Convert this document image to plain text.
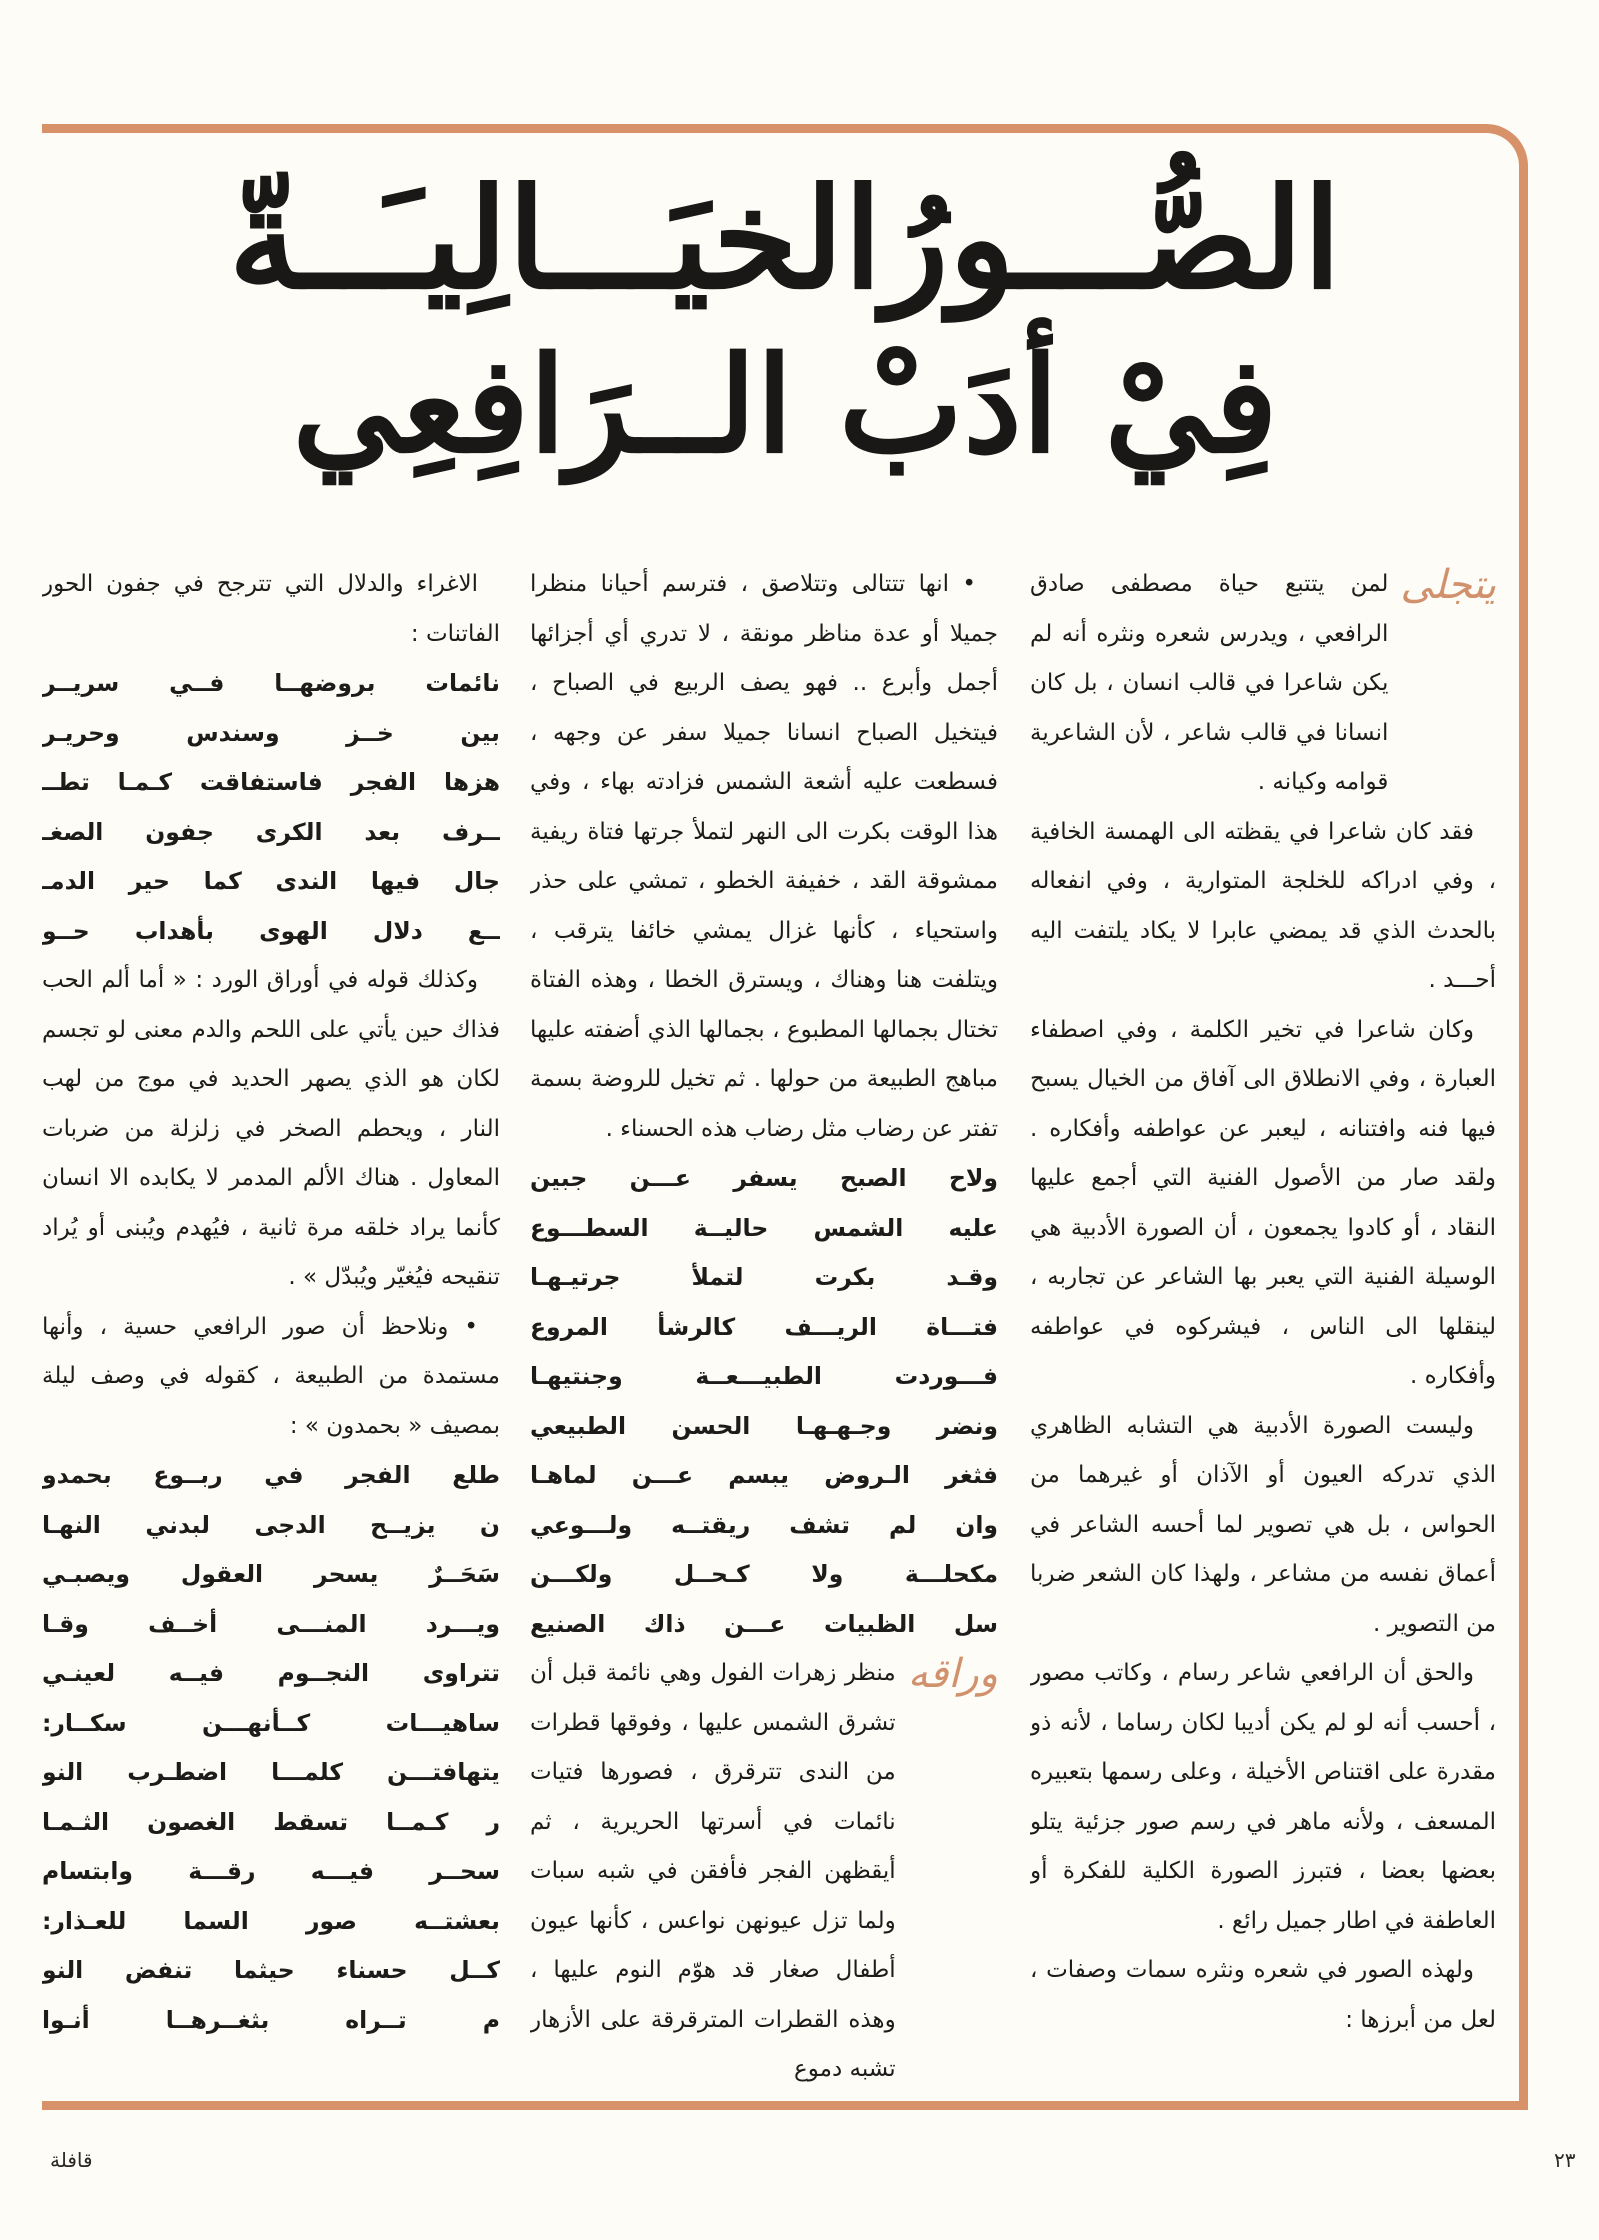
الصُّـــورُالخيَـــالِيـَــةّ
فِيْ أدَبْ الــرَافِعِي
يتجلى

لمن يتتبع حياة مصطفى صادق الرافعي ، ويدرس شعره ونثره أنه لم يكن شاعرا في قالب انسان ، بل كان انسانا في قالب شاعر ، لأن الشاعرية قوامه وكيانه .

فقد كان شاعرا في يقظته الى الهمسة الخافية ، وفي ادراكه للخلجة المتوارية ، وفي انفعاله بالحدث الذي قد يمضي عابرا لا يكاد يلتفت اليه أحـــد .

وكان شاعرا في تخير الكلمة ، وفي اصطفاء العبارة ، وفي الانطلاق الى آفاق من الخيال يسبح فيها فنه وافتنانه ، ليعبر عن عواطفه وأفكاره . ولقد صار من الأصول الفنية التي أجمع عليها النقاد ، أو كادوا يجمعون ، أن الصورة الأدبية هي الوسيلة الفنية التي يعبر بها الشاعر عن تجاربه ، لينقلها الى الناس ، فيشركوه في عواطفه وأفكاره .

وليست الصورة الأدبية هي التشابه الظاهري الذي تدركه العيون أو الآذان أو غيرهما من الحواس ، بل هي تصوير لما أحسه الشاعر في أعماق نفسه من مشاعر ، ولهذا كان الشعر ضربا من التصوير .

والحق أن الرافعي شاعر رسام ، وكاتب مصور ، أحسب أنه لو لم يكن أديبا لكان رساما ، لأنه ذو مقدرة على اقتناص الأخيلة ، وعلى رسمها بتعبيره المسعف ، ولأنه ماهر في رسم صور جزئية يتلو بعضها بعضا ، فتبرز الصورة الكلية للفكرة أو العاطفة في اطار جميل رائع .

ولهذه الصور في شعره ونثره سمات وصفات ، لعل من أبرزها :

• انها تتتالى وتتلاصق ، فترسم أحيانا منظرا جميلا أو عدة مناظر مونقة ، لا تدري أي أجزائها أجمل وأبرع .. فهو يصف الربيع في الصباح ، فيتخيل الصباح انسانا جميلا سفر عن وجهه ، فسطعت عليه أشعة الشمس فزادته بهاء ، وفي هذا الوقت بكرت الى النهر لتملأ جرتها فتاة ريفية ممشوقة القد ، خفيفة الخطو ، تمشي على حذر واستحياء ، كأنها غزال يمشي خائفا يترقب ، ويتلفت هنا وهناك ، ويسترق الخطا ، وهذه الفتاة تختال بجمالها المطبوع ، بجمالها الذي أضفته عليها مباهج الطبيعة من حولها . ثم تخيل للروضة بسمة تفتر عن رضاب مثل رضاب هذه الحسناء .

ولاح الصبح يسفر عـــن جبين

عليه الشمس حاليــة السطـــوع

وقـد بكرت لتملأ جرتيـهـا

فتـــاة الريـــف كالرشأ المروع

فـــوردت الطبيـــعــة وجنتيهـا

ونضر وجـهـهـا الحسن الطبيعي

فثغر الـروض يبسم عـــن لماهـا

وان لم تشف ريقتــه ولـــوعي

مكحلـــة ولا كـحــل ولكـــن

سل الظبيات عـــن ذاك الصنيع

وراقه

منظر زهرات الفول وهي نائمة قبل أن تشرق الشمس عليها ، وفوقها قطرات من الندى تترقرق ، فصورها فتيات نائمات في أسرتها الحريرية ، ثم أيقظهن الفجر فأفقن في شبه سبات ولما تزل عيونهن نواعس ، كأنها عيون أطفال صغار قد هوّم النوم عليها ، وهذه القطرات المترقرقة على الأزهار تشبه دموع

الاغراء والدلال التي تترجح في جفون الحور الفاتنات :

نائمات بروضهــا فــي سريــر

بين خــز وسندس وحريـر

هزها الفجر فاستفاقت كـمـا تطــ

ــرف بعد الكرى جفون الصغـ

جال فيها الندى كما حير الدمـ

ــع دلال الهوى بأهداب حــو

وكذلك قوله في أوراق الورد : « أما ألم الحب فذاك حين يأتي على اللحم والدم معنى لو تجسم لكان هو الذي يصهر الحديد في موج من لهب النار ، ويحطم الصخر في زلزلة من ضربات المعاول . هناك الألم المدمر لا يكابده الا انسان كأنما يراد خلقه مرة ثانية ، فيُهدم ويُبنى أو يُراد تنقيحه فيُغيّر ويُبدّل » .

• ونلاحظ أن صور الرافعي حسية ، وأنها مستمدة من الطبيعة ، كقوله في وصف ليلة بمصيف « بحمدون » :

طلع الفجر في ربــوع بحمدو

ن يزيــح الدجى لبدني النهـا

سَحَــرٌ يسحر العقول ويصبـي

ويـــرد المنـــى أخــف وقـا

تتراوى النجــوم فيــه لعينـي

ساهيـــات كــأنهـــن سكــار:

يتهافتـــن كلمـــا اضطـرب النو

ر كـمــا تسقط الغصون الثـمـا

سحــر فيـــه رقـــة وابتسام

بعشتــه صور السما للعـذار:

كــل حسناء حيثما تنفض النو

م تــراه بثغــرهــا أنـوا

قافلة	٢٣
